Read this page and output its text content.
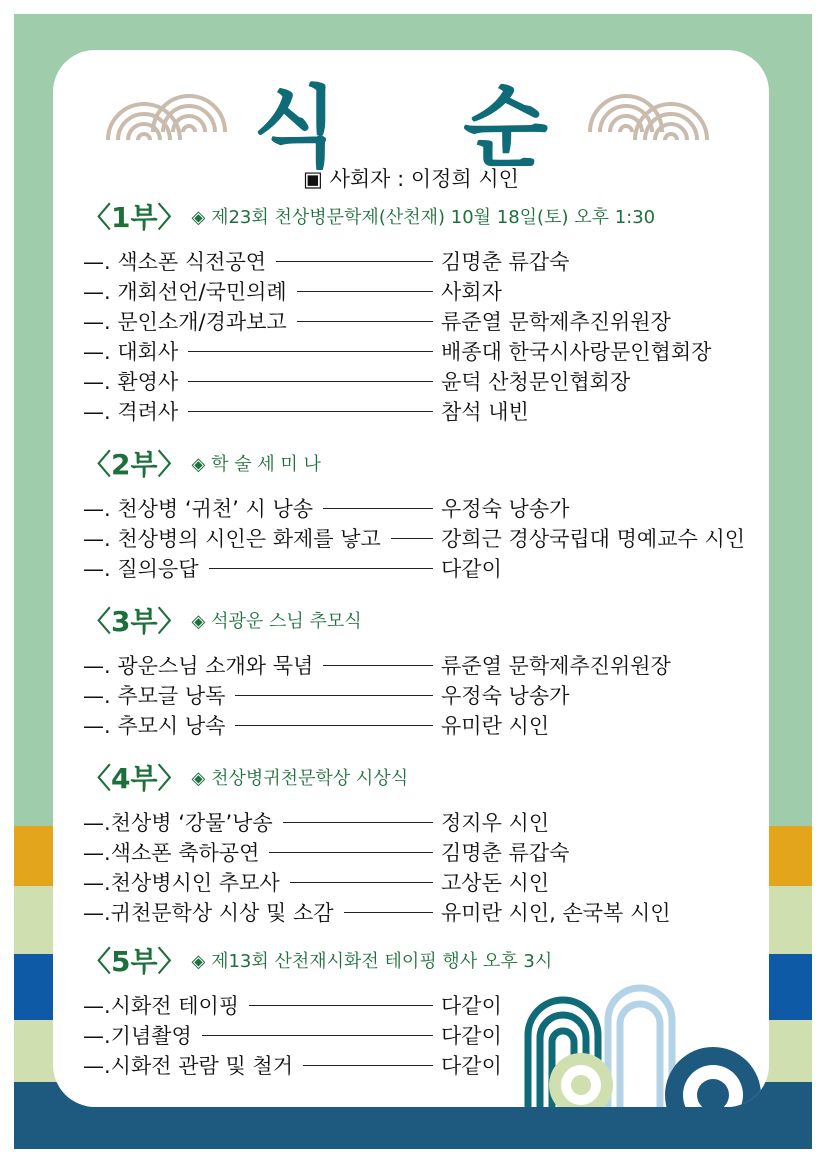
식 순
▣ 사회자 : 이정희 시인
〈1부〉 ◈ 제23회 천상병문학제(산천재) 10월 18일(토) 오후 1:30
—. 색소폰 식전공연	김명춘 류갑숙
—. 개회선언/국민의례	사회자
—. 문인소개/경과보고	류준열 문학제추진위원장
—. 대회사	배종대 한국시사랑문인협회장
—. 환영사	윤덕 산청문인협회장
—. 격려사	참석 내빈
〈2부〉 ◈ 학 술 세 미 나
—. 천상병 ‘귀천’ 시 낭송	우정숙 낭송가
—. 천상병의 시인은 화제를 낳고	강희근 경상국립대 명예교수 시인
—. 질의응답	다같이
〈3부〉 ◈ 석광운 스님 추모식
—. 광운스님 소개와 묵념	류준열 문학제추진위원장
—. 추모글 낭독	우정숙 낭송가
—. 추모시 낭속	유미란 시인
〈4부〉 ◈ 천상병귀천문학상 시상식
—.천상병 ‘강물’낭송	정지우 시인
—.색소폰 축하공연	김명춘 류갑숙
—.천상병시인 추모사	고상돈 시인
—.귀천문학상 시상 및 소감	유미란 시인, 손국복 시인
〈5부〉 ◈ 제13회 산천재시화전 테이핑 행사 오후 3시
—.시화전 테이핑	다같이
—.기념촬영	다같이
—.시화전 관람 및 철거	다같이
